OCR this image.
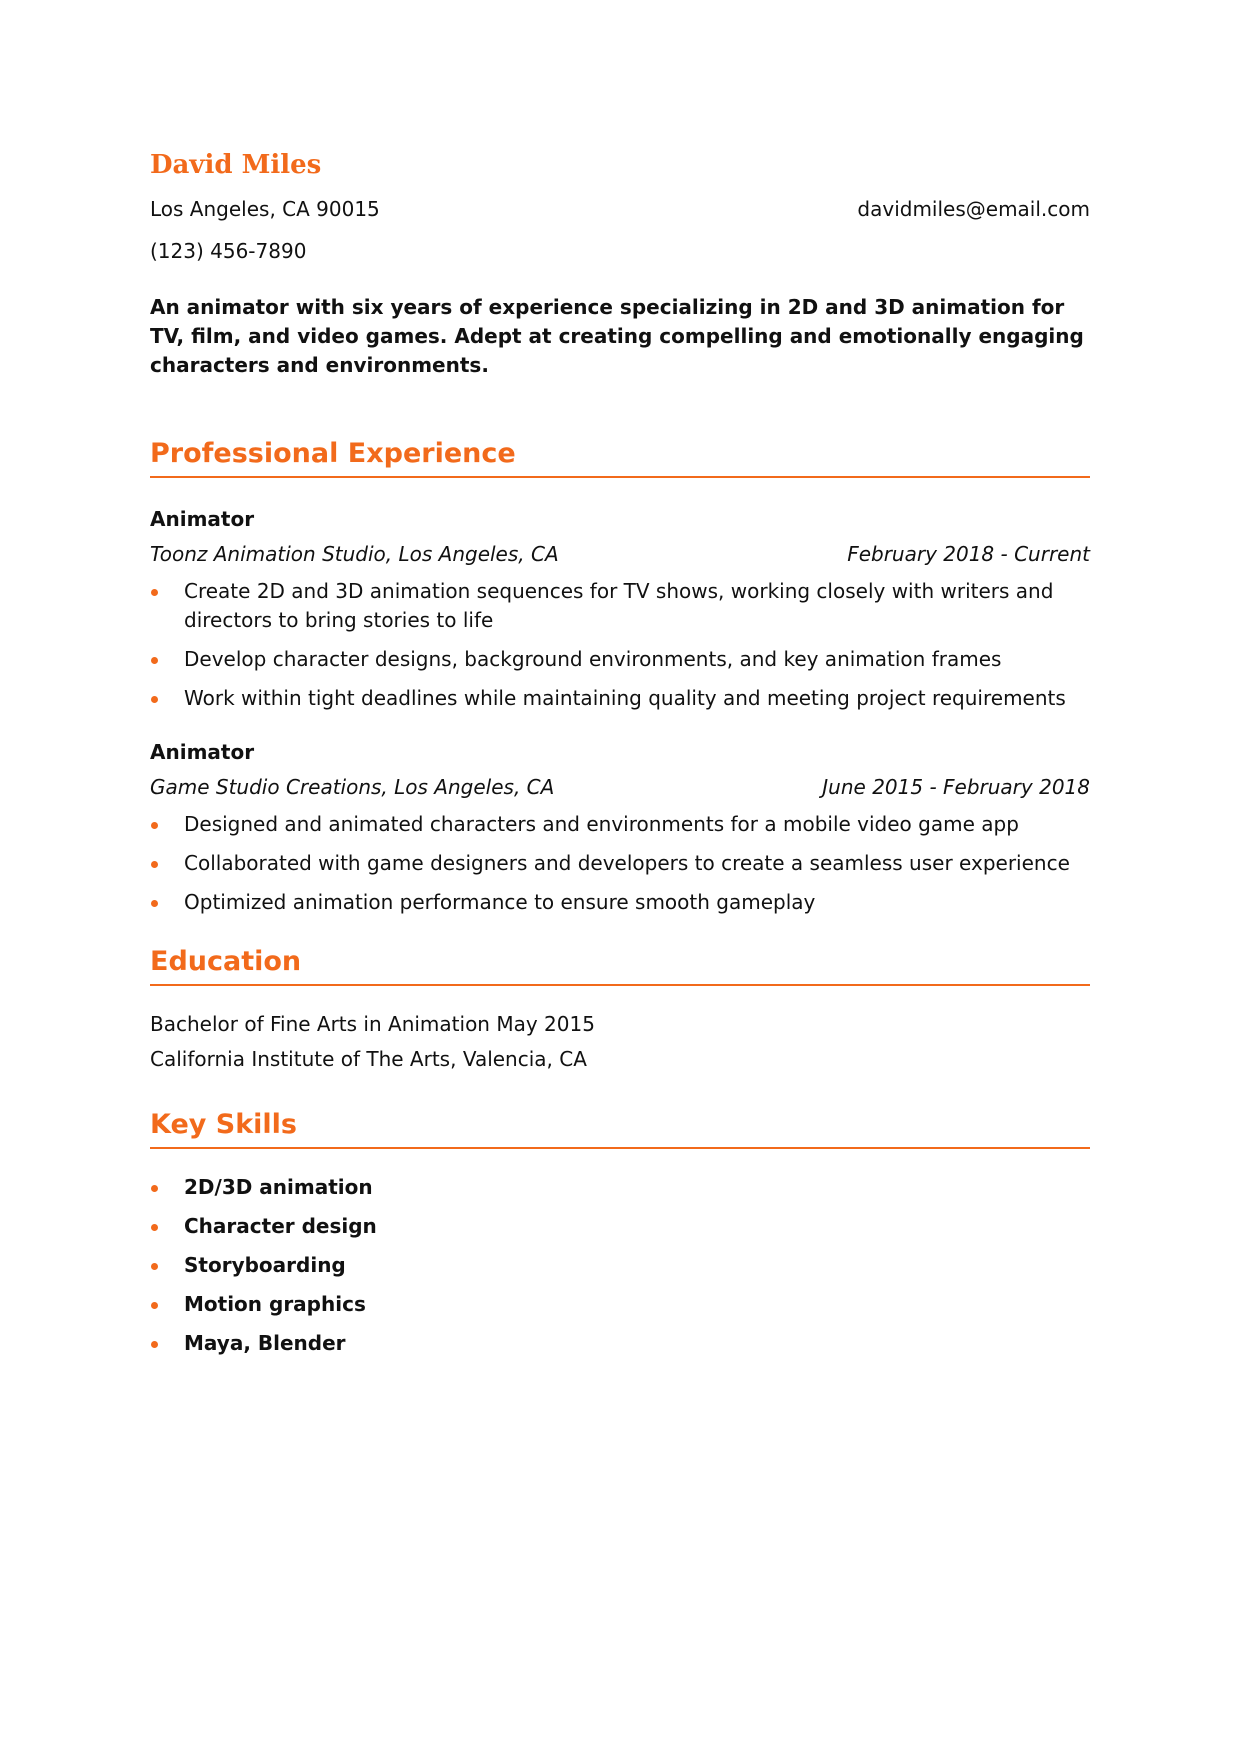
David Miles
Los Angeles, CA 90015	davidmiles@email.com
(123) 456-7890
An animator with six years of experience specializing in 2D and 3D animation for TV, film, and video games. Adept at creating compelling and emotionally engaging characters and environments.
Professional Experience
Animator
Toonz Animation Studio, Los Angeles, CA	February 2018 - Current
Create 2D and 3D animation sequences for TV shows, working closely with writers and directors to bring stories to life
Develop character designs, background environments, and key animation frames
Work within tight deadlines while maintaining quality and meeting project requirements
Animator
Game Studio Creations, Los Angeles, CA	June 2015 - February 2018
Designed and animated characters and environments for a mobile video game app
Collaborated with game designers and developers to create a seamless user experience
Optimized animation performance to ensure smooth gameplay
Education
Bachelor of Fine Arts in Animation May 2015
California Institute of The Arts, Valencia, CA
Key Skills
2D/3D animation
Character design
Storyboarding
Motion graphics
Maya, Blender
